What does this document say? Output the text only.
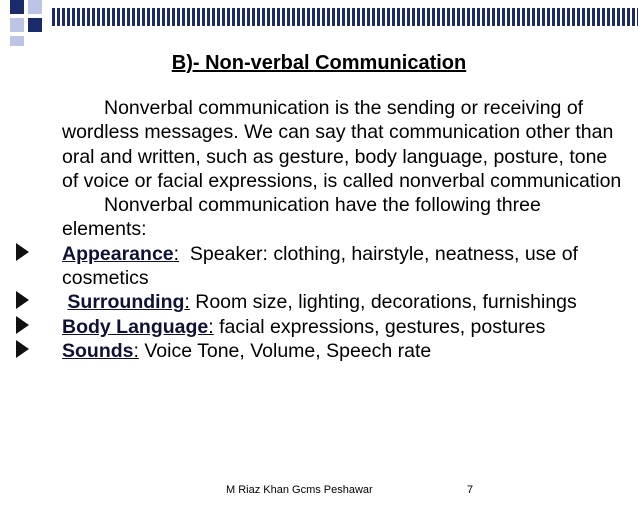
B)- Non-verbal Communication

Nonverbal communication is the sending or receiving of wordless messages. We can say that communication other than oral and written, such as gesture, body language, posture, tone of voice or facial expressions, is called nonverbal communication

Nonverbal communication have the following three elements:

Appearance:  Speaker: clothing, hairstyle, neatness, use of cosmetics
Surrounding: Room size, lighting, decorations, furnishings
Body Language: facial expressions, gestures, postures
Sounds: Voice Tone, Volume, Speech rate
M Riaz Khan Gcms Peshawar	7
